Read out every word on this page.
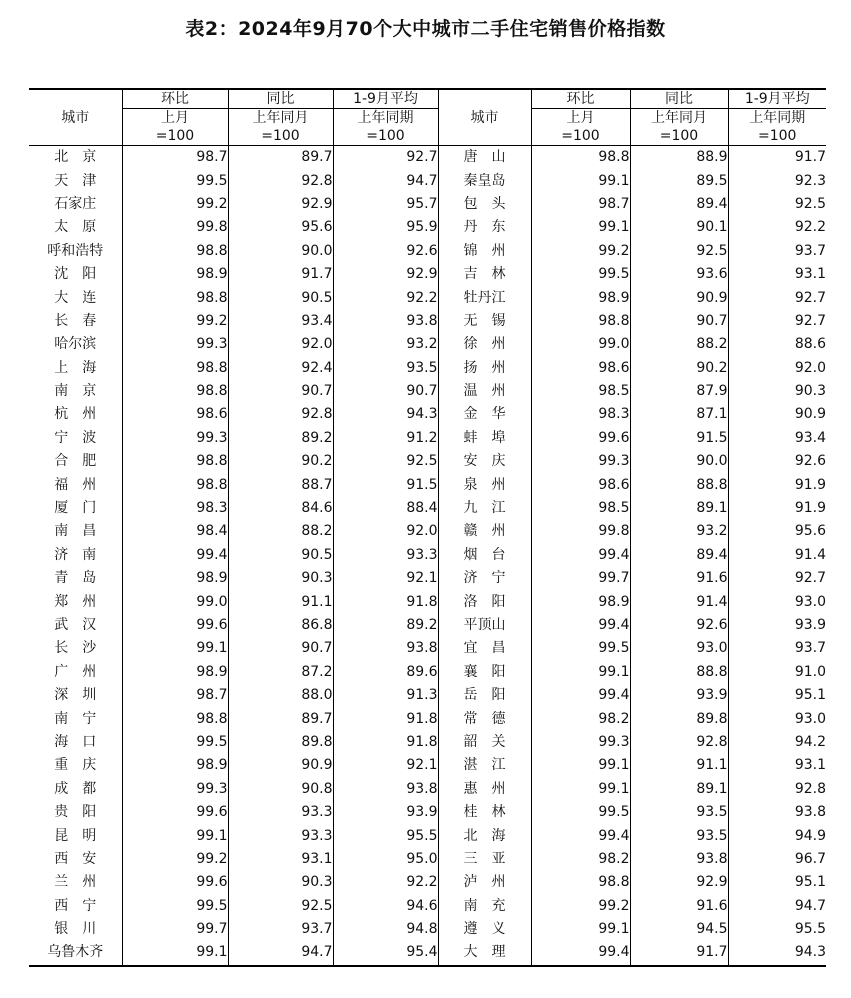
表2：2024年9月70个大中城市二手住宅销售价格指数
城市	环比	同比	1-9月平均	城市	环比	同比	1-9月平均
	上月	上年同月	上年同期		上月	上年同月	上年同期
	=100	=100	=100		=100	=100	=100
北　京	98.7	89.7	92.7	唐　山	98.8	88.9	91.7
天　津	99.5	92.8	94.7	秦皇岛	99.1	89.5	92.3
石家庄	99.2	92.9	95.7	包　头	98.7	89.4	92.5
太　原	99.8	95.6	95.9	丹　东	99.1	90.1	92.2
呼和浩特	98.8	90.0	92.6	锦　州	99.2	92.5	93.7
沈　阳	98.9	91.7	92.9	吉　林	99.5	93.6	93.1
大　连	98.8	90.5	92.2	牡丹江	98.9	90.9	92.7
长　春	99.2	93.4	93.8	无　锡	98.8	90.7	92.7
哈尔滨	99.3	92.0	93.2	徐　州	99.0	88.2	88.6
上　海	98.8	92.4	93.5	扬　州	98.6	90.2	92.0
南　京	98.8	90.7	90.7	温　州	98.5	87.9	90.3
杭　州	98.6	92.8	94.3	金　华	98.3	87.1	90.9
宁　波	99.3	89.2	91.2	蚌　埠	99.6	91.5	93.4
合　肥	98.8	90.2	92.5	安　庆	99.3	90.0	92.6
福　州	98.8	88.7	91.5	泉　州	98.6	88.8	91.9
厦　门	98.3	84.6	88.4	九　江	98.5	89.1	91.9
南　昌	98.4	88.2	92.0	赣　州	99.8	93.2	95.6
济　南	99.4	90.5	93.3	烟　台	99.4	89.4	91.4
青　岛	98.9	90.3	92.1	济　宁	99.7	91.6	92.7
郑　州	99.0	91.1	91.8	洛　阳	98.9	91.4	93.0
武　汉	99.6	86.8	89.2	平顶山	99.4	92.6	93.9
长　沙	99.1	90.7	93.8	宜　昌	99.5	93.0	93.7
广　州	98.9	87.2	89.6	襄　阳	99.1	88.8	91.0
深　圳	98.7	88.0	91.3	岳　阳	99.4	93.9	95.1
南　宁	98.8	89.7	91.8	常　德	98.2	89.8	93.0
海　口	99.5	89.8	91.8	韶　关	99.3	92.8	94.2
重　庆	98.9	90.9	92.1	湛　江	99.1	91.1	93.1
成　都	99.3	90.8	93.8	惠　州	99.1	89.1	92.8
贵　阳	99.6	93.3	93.9	桂　林	99.5	93.5	93.8
昆　明	99.1	93.3	95.5	北　海	99.4	93.5	94.9
西　安	99.2	93.1	95.0	三　亚	98.2	93.8	96.7
兰　州	99.6	90.3	92.2	泸　州	98.8	92.9	95.1
西　宁	99.5	92.5	94.6	南　充	99.2	91.6	94.7
银　川	99.7	93.7	94.8	遵　义	99.1	94.5	95.5
乌鲁木齐	99.1	94.7	95.4	大　理	99.4	91.7	94.3
